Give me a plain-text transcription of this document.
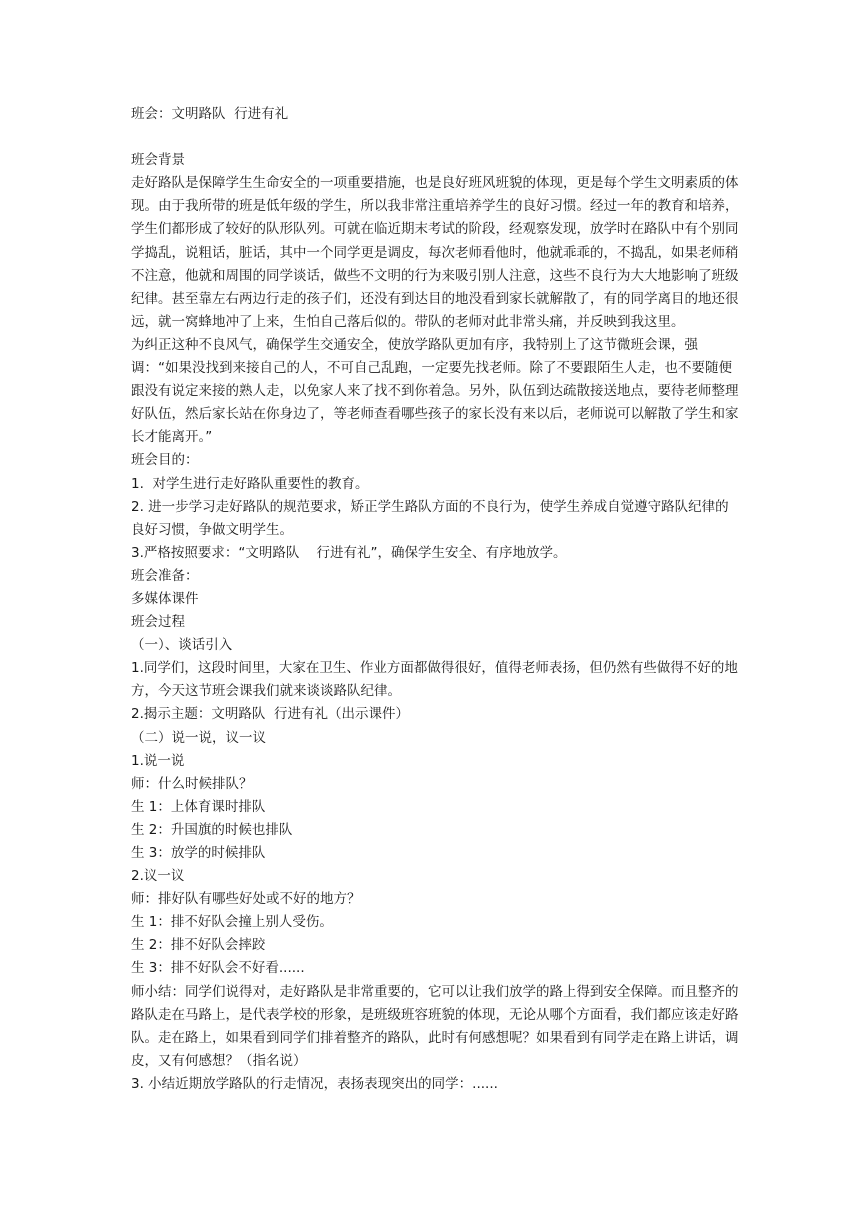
班会：文明路队  行进有礼

班会背景

走好路队是保障学生生命安全的一项重要措施，也是良好班风班貌的体现，更是每个学生文明素质的体现。由于我所带的班是低年级的学生，所以我非常注重培养学生的良好习惯。经过一年的教育和培养，学生们都形成了较好的队形队列。可就在临近期末考试的阶段，经观察发现，放学时在路队中有个别同学捣乱，说粗话，脏话，其中一个同学更是调皮，每次老师看他时，他就乖乖的，不捣乱，如果老师稍不注意，他就和周围的同学谈话，做些不文明的行为来吸引别人注意，这些不良行为大大地影响了班级纪律。甚至靠左右两边行走的孩子们，还没有到达目的地没看到家长就解散了，有的同学离目的地还很远，就一窝蜂地冲了上来，生怕自己落后似的。带队的老师对此非常头痛，并反映到我这里。

为纠正这种不良风气，确保学生交通安全，使放学路队更加有序，我特别上了这节微班会课，强调：“如果没找到来接自己的人，不可自己乱跑，一定要先找老师。除了不要跟陌生人走，也不要随便跟没有说定来接的熟人走，以免家人来了找不到你着急。另外，队伍到达疏散接送地点，要待老师整理好队伍，然后家长站在你身边了，等老师查看哪些孩子的家长没有来以后，老师说可以解散了学生和家长才能离开。”

班会目的：

1.  对学生进行走好路队重要性的教育。

2. 进一步学习走好路队的规范要求，矫正学生路队方面的不良行为，使学生养成自觉遵守路队纪律的良好习惯，争做文明学生。

3.严格按照要求：“文明路队    行进有礼”，确保学生安全、有序地放学。

班会准备：

多媒体课件

班会过程

（一）、谈话引入

1.同学们，这段时间里，大家在卫生、作业方面都做得很好，值得老师表扬，但仍然有些做得不好的地方，今天这节班会课我们就来谈谈路队纪律。

2.揭示主题：文明路队  行进有礼（出示课件）

（二）说一说，议一议

1.说一说

师：什么时候排队？

生 1：上体育课时排队

生 2：升国旗的时候也排队

生 3：放学的时候排队

2.议一议

师：排好队有哪些好处或不好的地方？

生 1：排不好队会撞上别人受伤。

生 2：排不好队会摔跤

生 3：排不好队会不好看......

师小结：同学们说得对，走好路队是非常重要的，它可以让我们放学的路上得到安全保障。而且整齐的路队走在马路上，是代表学校的形象，是班级班容班貌的体现，无论从哪个方面看，我们都应该走好路队。走在路上，如果看到同学们排着整齐的路队，此时有何感想呢？如果看到有同学走在路上讲话，调皮，又有何感想？（指名说）

3. 小结近期放学路队的行走情况，表扬表现突出的同学：......
